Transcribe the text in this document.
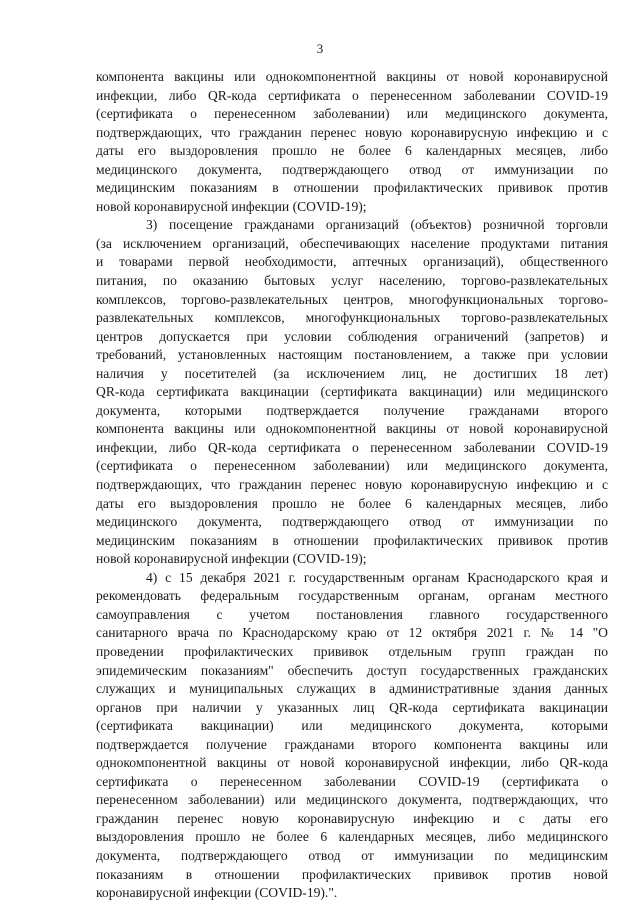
3
компонента вакцины или однокомпонентной вакцины от новой коронавирусной
инфекции, либо QR-кода сертификата о перенесенном заболевании COVID-19
(сертификата о перенесенном заболевании) или медицинского документа,
подтверждающих, что гражданин перенес новую коронавирусную инфекцию и с
даты его выздоровления прошло не более 6 календарных месяцев, либо
медицинского документа, подтверждающего отвод от иммунизации по
медицинским показаниям в отношении профилактических прививок против
новой коронавирусной инфекции (COVID-19);
3) посещение гражданами организаций (объектов) розничной торговли
(за исключением организаций, обеспечивающих население продуктами питания
и товарами первой необходимости, аптечных организаций), общественного
питания, по оказанию бытовых услуг населению, торгово-развлекательных
комплексов, торгово-развлекательных центров, многофункциональных торгово-
развлекательных комплексов, многофункциональных торгово-развлекательных
центров допускается при условии соблюдения ограничений (запретов) и
требований, установленных настоящим постановлением, а также при условии
наличия у посетителей (за исключением лиц, не достигших 18 лет)
QR-кода сертификата вакцинации (сертификата вакцинации) или медицинского
документа, которыми подтверждается получение гражданами второго
компонента вакцины или однокомпонентной вакцины от новой коронавирусной
инфекции, либо QR-кода сертификата о перенесенном заболевании COVID-19
(сертификата о перенесенном заболевании) или медицинского документа,
подтверждающих, что гражданин перенес новую коронавирусную инфекцию и с
даты его выздоровления прошло не более 6 календарных месяцев, либо
медицинского документа, подтверждающего отвод от иммунизации по
медицинским показаниям в отношении профилактических прививок против
новой коронавирусной инфекции (COVID-19);
4) с 15 декабря 2021 г. государственным органам Краснодарского края и
рекомендовать федеральным государственным органам, органам местного
самоуправления с учетом постановления главного государственного
санитарного врача по Краснодарскому краю от 12 октября 2021 г. № 14 "О
проведении профилактических прививок отдельным групп граждан по
эпидемическим показаниям" обеспечить доступ государственных гражданских
служащих и муниципальных служащих в административные здания данных
органов при наличии у указанных лиц QR-кода сертификата вакцинации
(сертификата вакцинации) или медицинского документа, которыми
подтверждается получение гражданами второго компонента вакцины или
однокомпонентной вакцины от новой коронавирусной инфекции, либо QR-кода
сертификата о перенесенном заболевании COVID-19 (сертификата о
перенесенном заболевании) или медицинского документа, подтверждающих, что
гражданин перенес новую коронавирусную инфекцию и с даты его
выздоровления прошло не более 6 календарных месяцев, либо медицинского
документа, подтверждающего отвод от иммунизации по медицинским
показаниям в отношении профилактических прививок против новой
коронавирусной инфекции (COVID-19).".
